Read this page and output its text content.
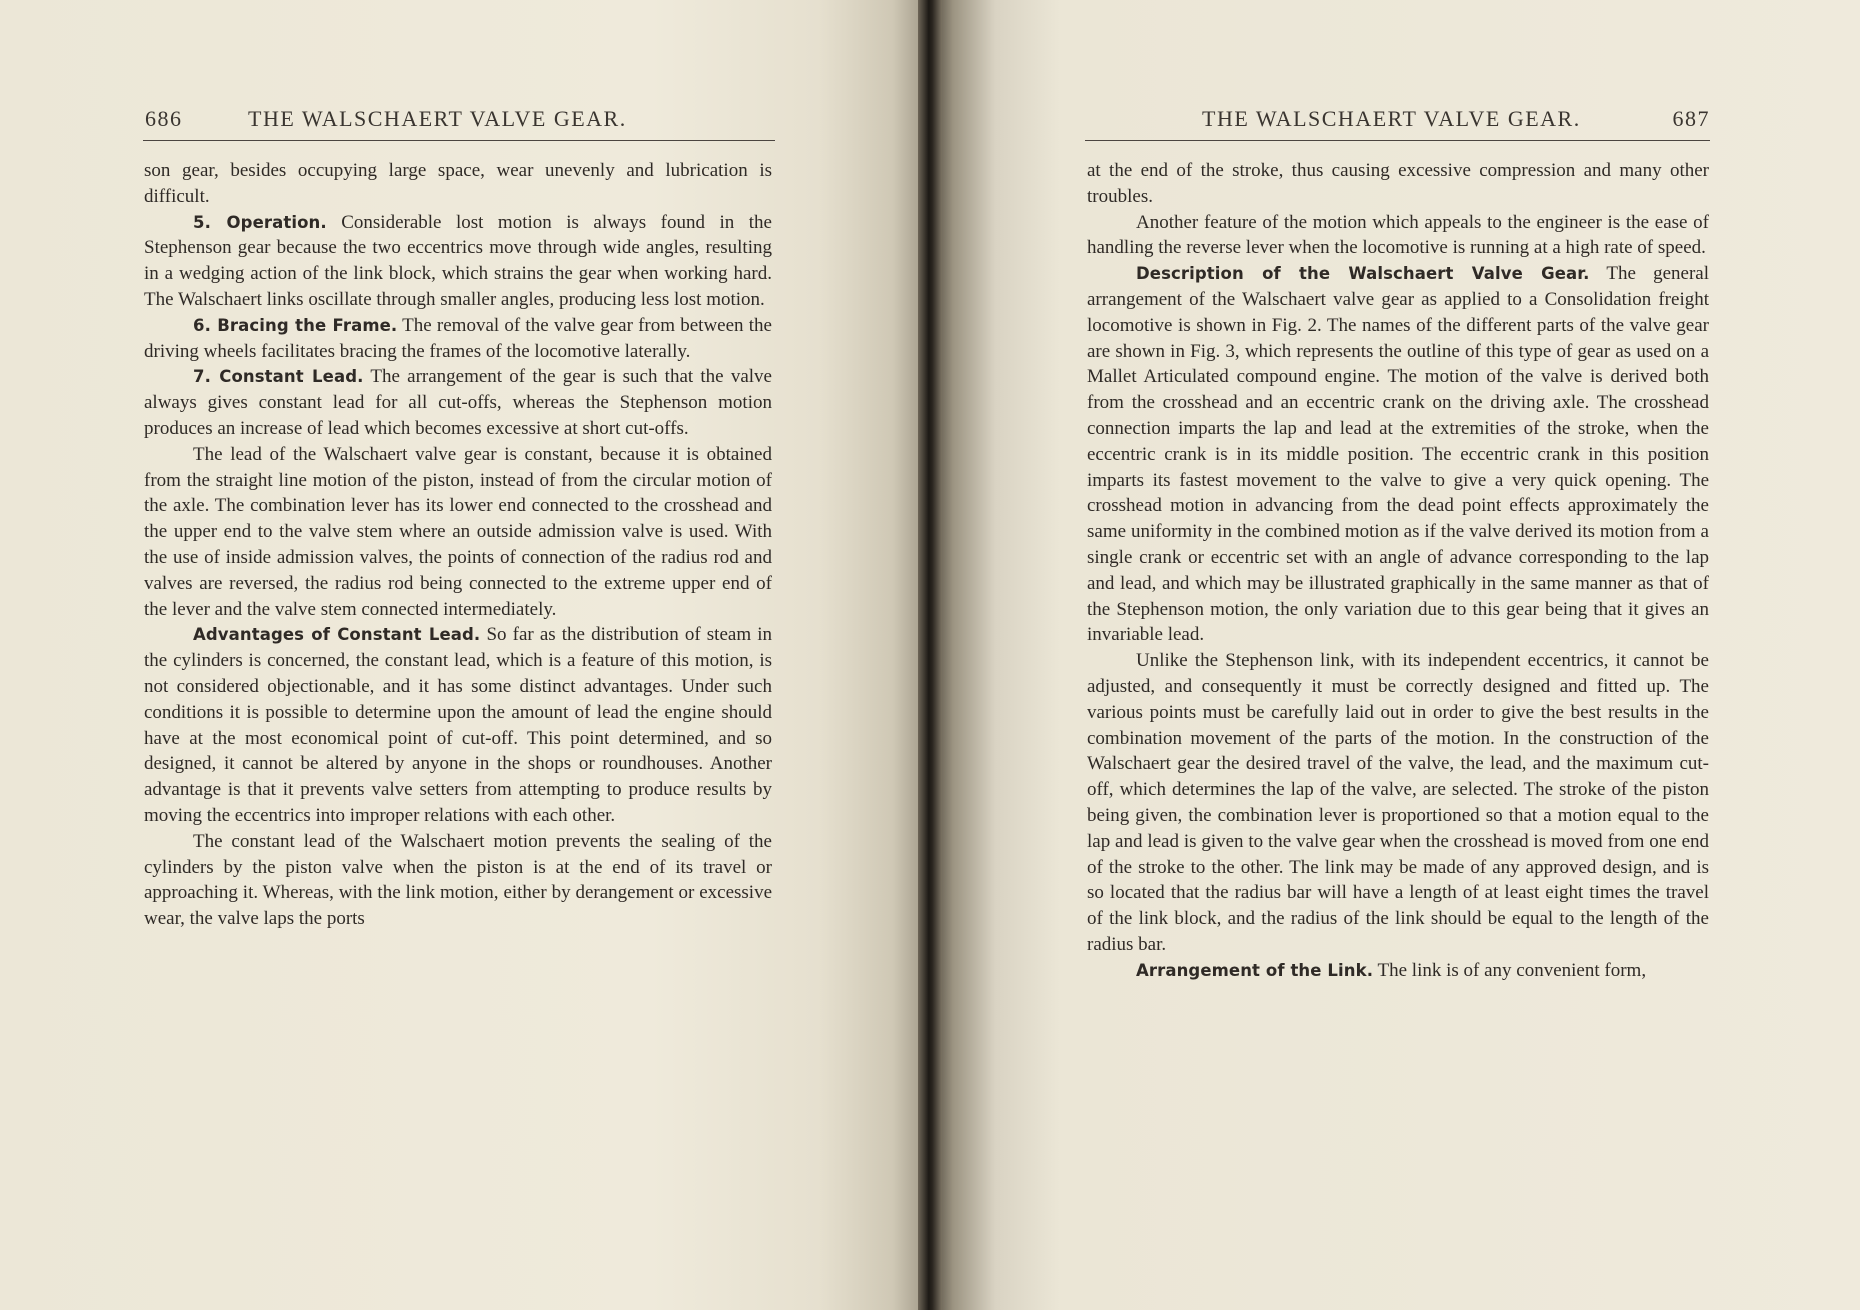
686	THE WALSCHAERT VALVE GEAR.

son gear, besides occupying large space, wear unevenly and lubrication is difficult.

5. Operation. Considerable lost motion is always found in the Stephenson gear because the two eccentrics move through wide angles, resulting in a wedging action of the link block, which strains the gear when working hard. The Walschaert links oscillate through smaller angles, producing less lost motion.

6. Bracing the Frame. The removal of the valve gear from between the driving wheels facilitates bracing the frames of the locomotive laterally.

7. Constant Lead. The arrangement of the gear is such that the valve always gives constant lead for all cut-offs, whereas the Stephenson motion produces an increase of lead which becomes excessive at short cut-offs.

The lead of the Walschaert valve gear is constant, because it is obtained from the straight line motion of the piston, instead of from the circular motion of the axle. The combination lever has its lower end connected to the crosshead and the upper end to the valve stem where an outside admission valve is used. With the use of inside admission valves, the points of connection of the radius rod and valves are reversed, the radius rod being connected to the extreme upper end of the lever and the valve stem connected intermediately.

Advantages of Constant Lead. So far as the distribution of steam in the cylinders is concerned, the constant lead, which is a feature of this motion, is not considered objectionable, and it has some distinct advantages. Under such conditions it is possible to determine upon the amount of lead the engine should have at the most economical point of cut-off. This point determined, and so designed, it cannot be altered by anyone in the shops or roundhouses. Another advantage is that it prevents valve setters from attempting to produce results by moving the eccentrics into improper relations with each other.

The constant lead of the Walschaert motion prevents the sealing of the cylinders by the piston valve when the piston is at the end of its travel or approaching it. Whereas, with the link motion, either by derangement or excessive wear, the valve laps the ports

THE WALSCHAERT VALVE GEAR.	687

at the end of the stroke, thus causing excessive compression and many other troubles.

Another feature of the motion which appeals to the engineer is the ease of handling the reverse lever when the locomotive is running at a high rate of speed.

Description of the Walschaert Valve Gear. The general arrangement of the Walschaert valve gear as applied to a Consolidation freight locomotive is shown in Fig. 2. The names of the different parts of the valve gear are shown in Fig. 3, which represents the outline of this type of gear as used on a Mallet Articulated compound engine. The motion of the valve is derived both from the crosshead and an eccentric crank on the driving axle. The crosshead connection imparts the lap and lead at the extremities of the stroke, when the eccentric crank is in its middle position. The eccentric crank in this position imparts its fastest movement to the valve to give a very quick opening. The crosshead motion in advancing from the dead point effects approximately the same uniformity in the combined motion as if the valve derived its motion from a single crank or eccentric set with an angle of advance corresponding to the lap and lead, and which may be illustrated graphically in the same manner as that of the Stephenson motion, the only variation due to this gear being that it gives an invariable lead.

Unlike the Stephenson link, with its independent eccentrics, it cannot be adjusted, and consequently it must be correctly designed and fitted up. The various points must be carefully laid out in order to give the best results in the combination movement of the parts of the motion. In the construction of the Walschaert gear the desired travel of the valve, the lead, and the maximum cut-off, which determines the lap of the valve, are selected. The stroke of the piston being given, the combination lever is proportioned so that a motion equal to the lap and lead is given to the valve gear when the crosshead is moved from one end of the stroke to the other. The link may be made of any approved design, and is so located that the radius bar will have a length of at least eight times the travel of the link block, and the radius of the link should be equal to the length of the radius bar.

Arrangement of the Link. The link is of any convenient form,
